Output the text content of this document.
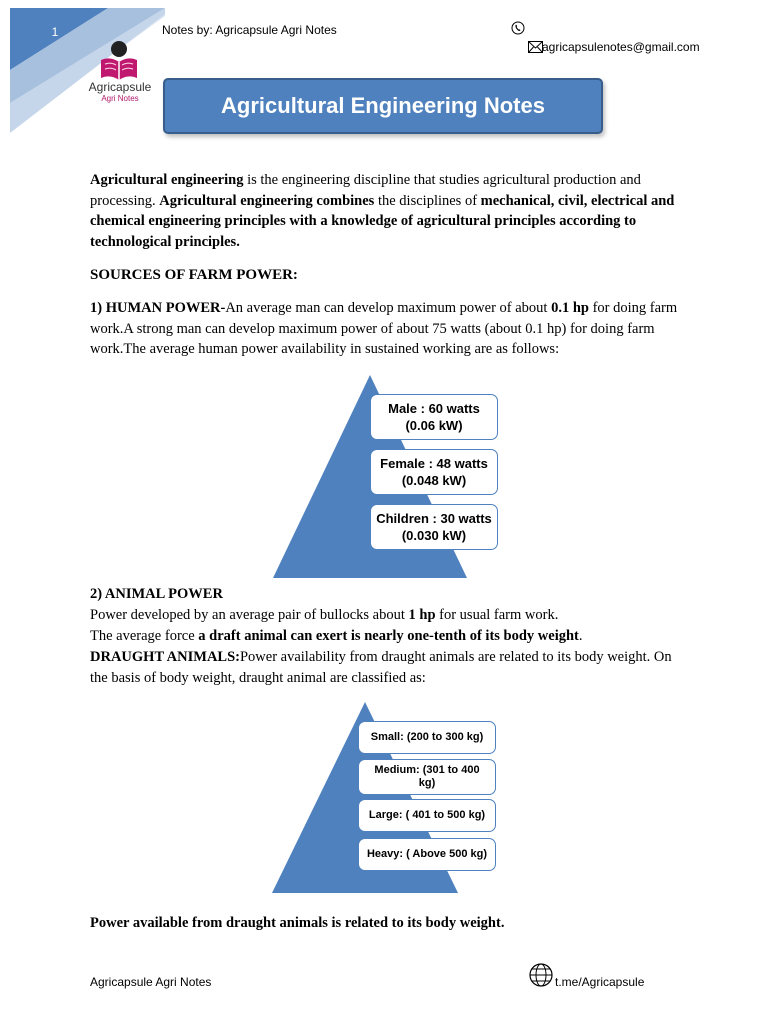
1
Agricapsule
Agri Notes
Notes by: Agricapsule Agri Notes
agricapsulenotes@gmail.com
Agricultural Engineering Notes
Agricultural engineering is the engineering discipline that studies agricultural production and processing. Agricultural engineering combines the disciplines of mechanical, civil, electrical and chemical engineering principles with a knowledge of agricultural principles according to technological principles.
SOURCES OF FARM POWER:
1) HUMAN POWER-An average man can develop maximum power of about 0.1 hp for doing farm work.A strong man can develop maximum power of about 75 watts (about 0.1 hp) for doing farm work.The average human power availability in sustained working are as follows:
Male : 60 watts
(0.06 kW)
Female : 48 watts
(0.048 kW)
Children : 30 watts
(0.030 kW)
2) ANIMAL POWER
Power developed by an average pair of bullocks about 1 hp for usual farm work.
The average force a draft animal can exert is nearly one-tenth of its body weight.
DRAUGHT ANIMALS:Power availability from draught animals are related to its body weight. On the basis of body weight, draught animal are classified as:
Small: (200 to 300 kg)
Medium: (301 to 400 kg)
Large: ( 401 to 500 kg)
Heavy: ( Above 500 kg)
Power available from draught animals is related to its body weight.
Agricapsule Agri Notes	t.me/Agricapsule
